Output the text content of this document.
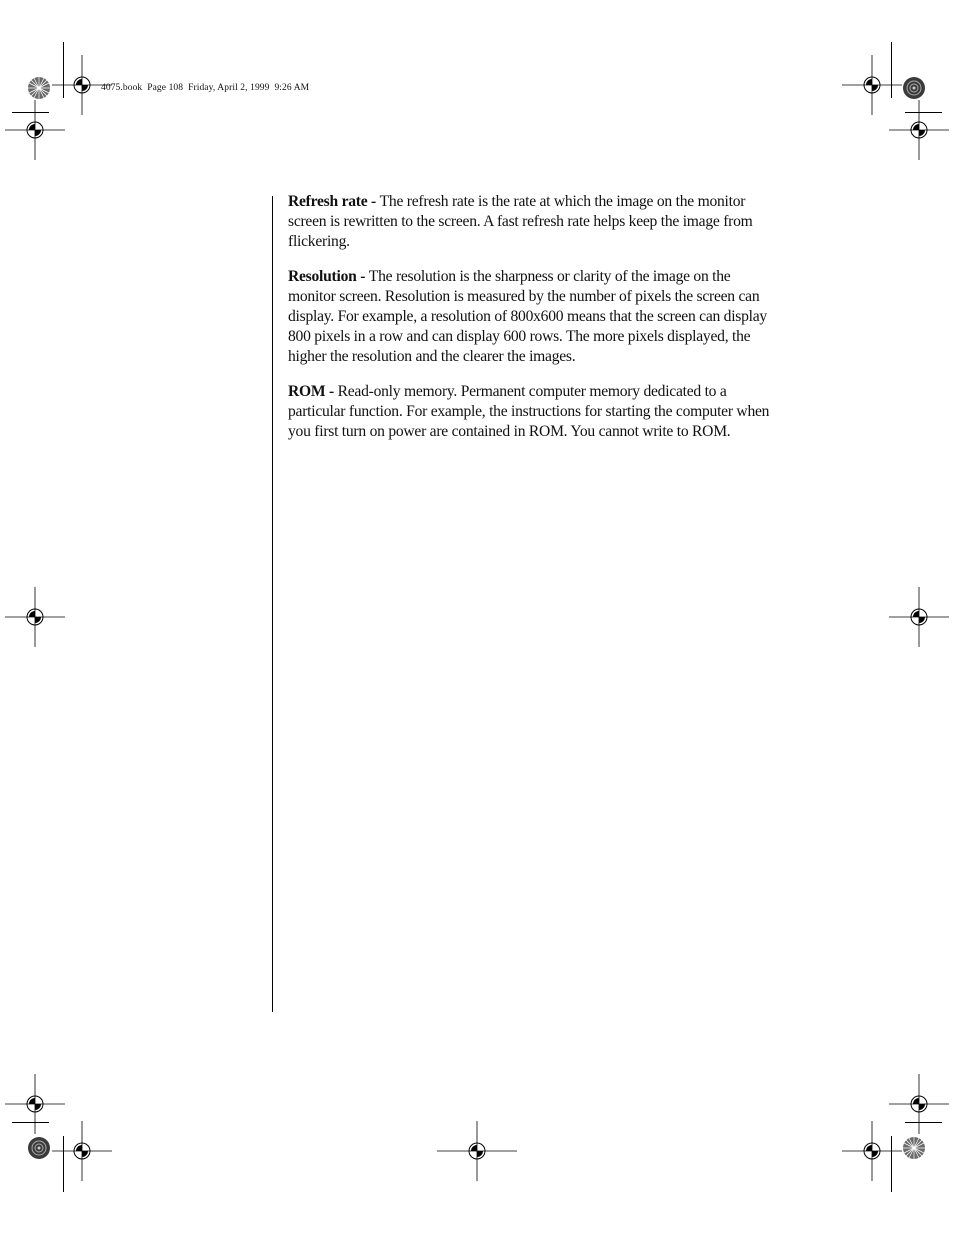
4075.book  Page 108  Friday, April 2, 1999  9:26 AM

Refresh rate - The refresh rate is the rate at which the image on the monitor screen is rewritten to the screen. A fast refresh rate helps keep the image from flickering.

Resolution - The resolution is the sharpness or clarity of the image on the monitor screen. Resolution is measured by the number of pixels the screen can display. For example, a resolution of 800x600 means that the screen can display 800 pixels in a row and can display 600 rows. The more pixels displayed, the higher the resolution and the clearer the images.

ROM - Read-only memory. Permanent computer memory dedicated to a particular function. For example, the instructions for starting the computer when you first turn on power are contained in ROM. You cannot write to ROM.
